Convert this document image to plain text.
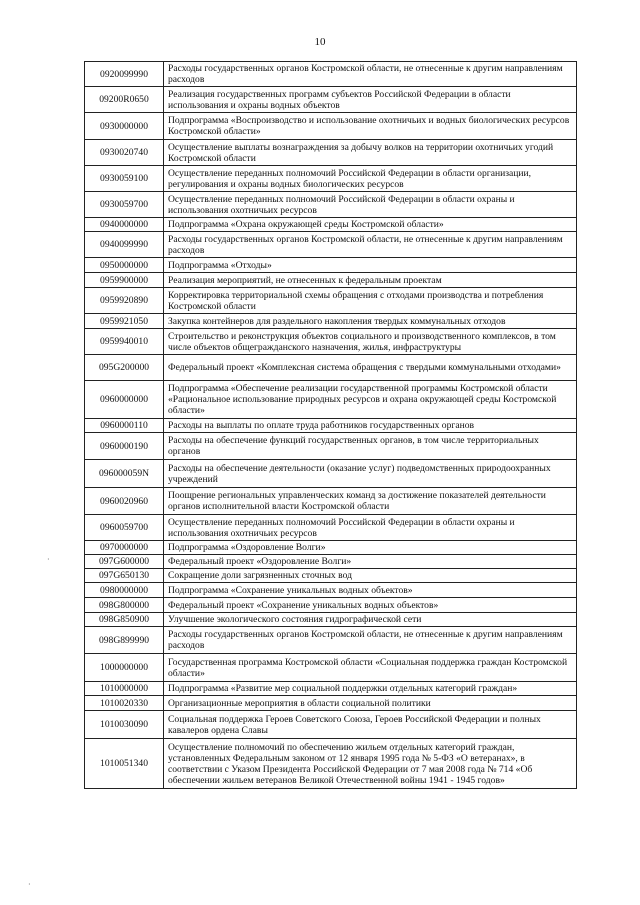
10
0920099990	Расходы государственных органов Костромской области, не отнесенные к другим направлениям расходов
09200R0650	Реализация государственных программ субъектов Российской Федерации в области использования и охраны водных объектов
0930000000	Подпрограмма «Воспроизводство и использование охотничьих и водных биологических ресурсов Костромской области»
0930020740	Осуществление выплаты вознаграждения за добычу волков на территории охотничьих угодий Костромской области
0930059100	Осуществление переданных полномочий Российской Федерации в области организации, регулирования и охраны водных биологических ресурсов
0930059700	Осуществление переданных полномочий Российской Федерации в области охраны и использования охотничьих ресурсов
0940000000	Подпрограмма «Охрана окружающей среды Костромской области»
0940099990	Расходы государственных органов Костромской области, не отнесенные к другим направлениям расходов
0950000000	Подпрограмма «Отходы»
0959900000	Реализация мероприятий, не отнесенных к федеральным проектам
0959920890	Корректировка территориальной схемы обращения с отходами производства и потребления Костромской области
0959921050	Закупка контейнеров для раздельного накопления твердых коммунальных отходов
0959940010	Строительство и реконструкция объектов социального и производственного комплексов, в том числе объектов общегражданского назначения, жилья, инфраструктуры
095G200000	Федеральный проект «Комплексная система обращения с твердыми коммунальными отходами»
0960000000	Подпрограмма «Обеспечение реализации государственной программы Костромской области «Рациональное использование природных ресурсов и охрана окружающей среды Костромской области»
0960000110	Расходы на выплаты по оплате труда работников государственных органов
0960000190	Расходы на обеспечение функций государственных органов, в том числе территориальных органов
096000059N	Расходы на обеспечение деятельности (оказание услуг) подведомственных природоохранных учреждений
0960020960	Поощрение региональных управленческих команд за достижение показателей деятельности органов исполнительной власти Костромской области
0960059700	Осуществление переданных полномочий Российской Федерации в области охраны и использования охотничьих ресурсов
0970000000	Подпрограмма «Оздоровление Волги»
097G600000	Федеральный проект «Оздоровление Волги»
097G650130	Сокращение доли загрязненных сточных вод
0980000000	Подпрограмма «Сохранение уникальных водных объектов»
098G800000	Федеральный проект «Сохранение уникальных водных объектов»
098G850900	Улучшение экологического состояния гидрографической сети
098G899990	Расходы государственных органов Костромской области, не отнесенные к другим направлениям расходов
1000000000	Государственная программа Костромской области «Социальная поддержка граждан Костромской области»
1010000000	Подпрограмма «Развитие мер социальной поддержки отдельных категорий граждан»
1010020330	Организационные мероприятия в области социальной политики
1010030090	Социальная поддержка Героев Советского Союза, Героев Российской Федерации и полных кавалеров ордена Славы
1010051340	Осуществление полномочий по обеспечению жильем отдельных категорий граждан, установленных Федеральным законом от 12 января 1995 года № 5-ФЗ «О ветеранах», в соответствии с Указом Президента Российской Федерации от 7 мая 2008 года № 714 «Об обеспечении жильем ветеранов Великой Отечественной войны 1941 - 1945 годов»
·
·
